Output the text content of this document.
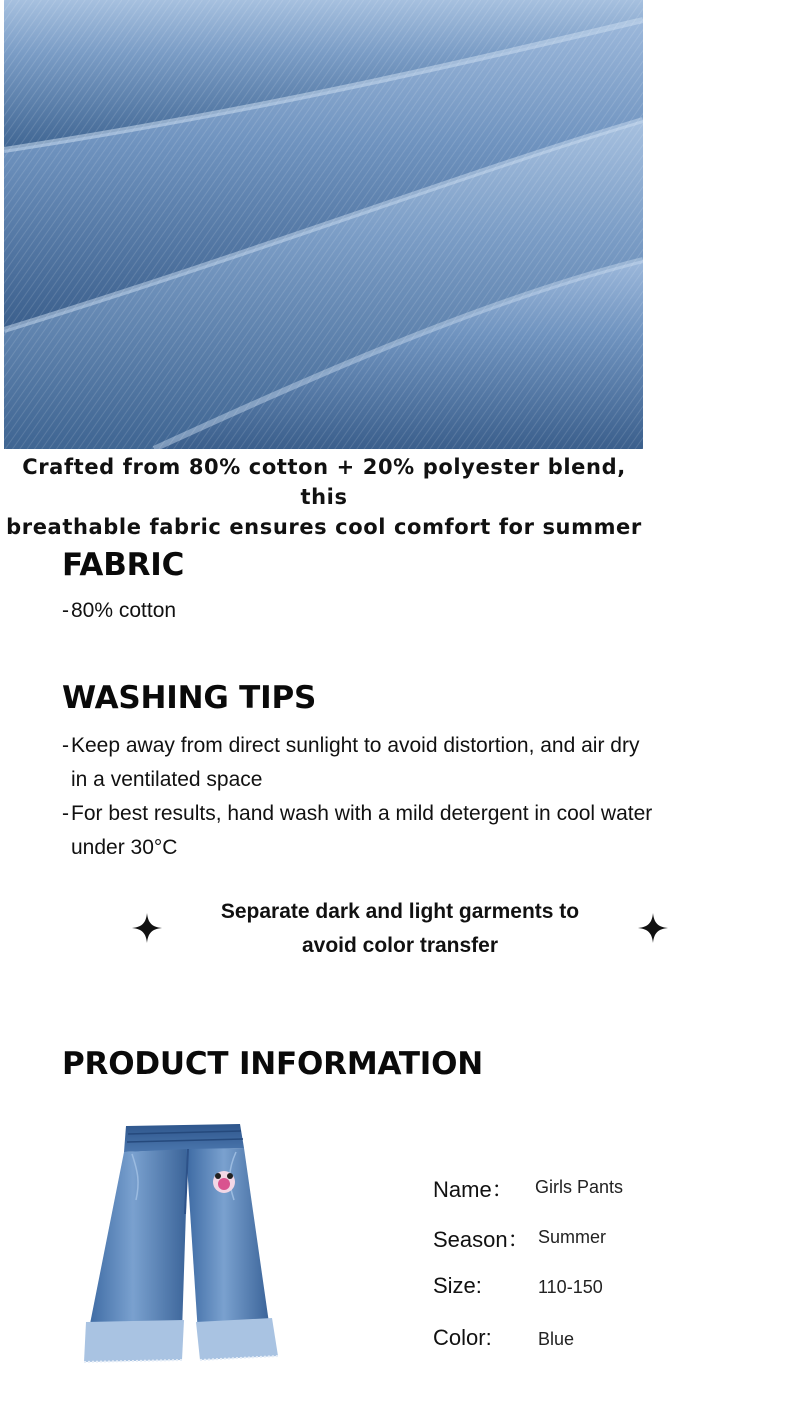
Crafted from 80% cotton + 20% polyester blend, this
breathable fabric ensures cool comfort for summer
FABRIC
- 80% cotton
WASHING TIPS
- Keep away from direct sunlight to avoid distortion, and air dry
in a ventilated space
- For best results, hand wash with a mild detergent in cool water
under 30°C
Separate dark and light garments to
avoid color transfer
PRODUCT INFORMATION
Name： Girls Pants
Season： Summer
Size:	110-150
Color:	Blue
